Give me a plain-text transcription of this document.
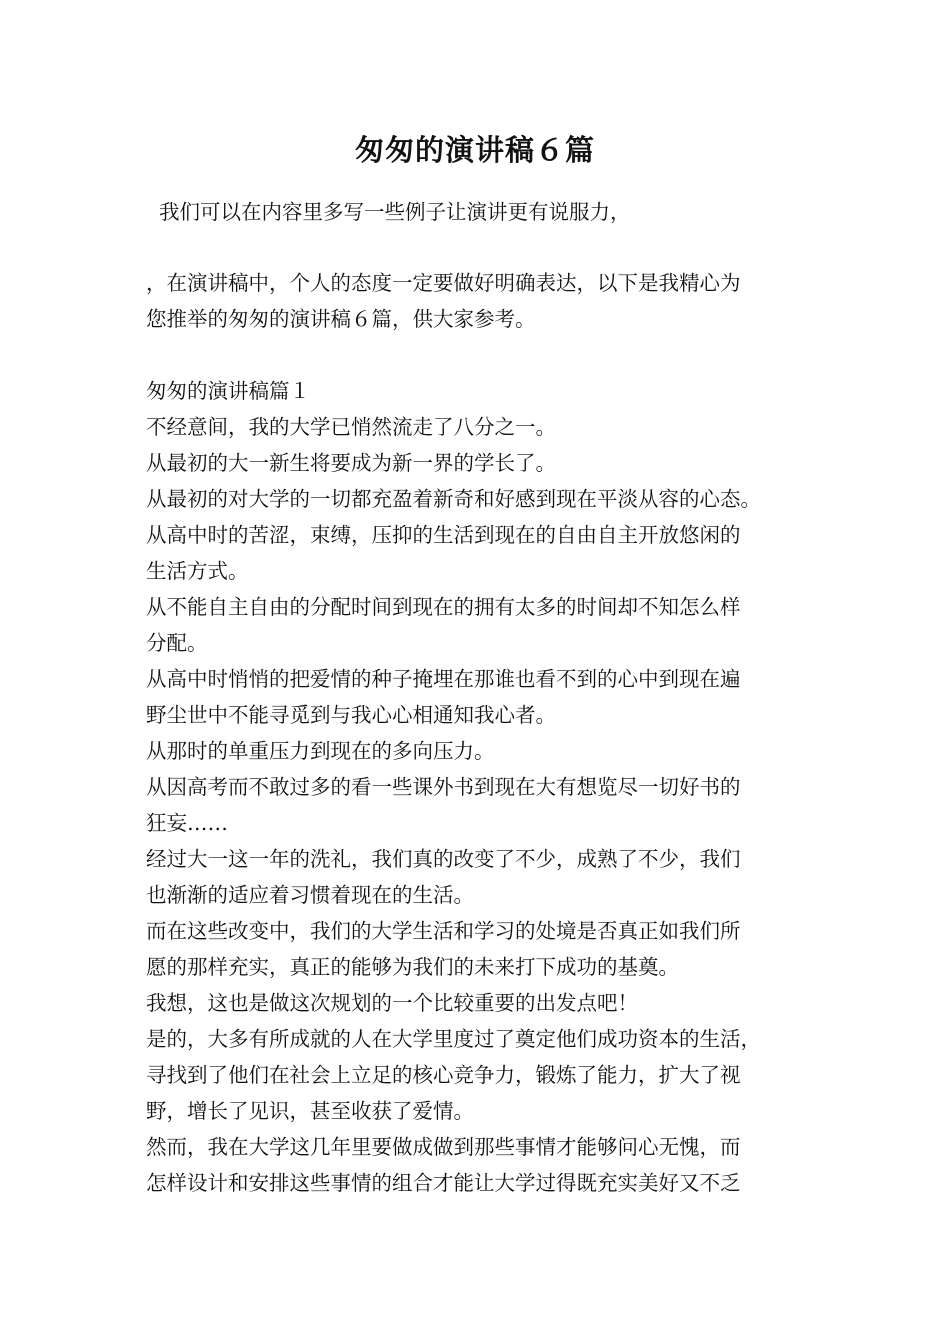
匆匆的演讲稿６篇
我们可以在内容里多写一些例子让演讲更有说服力，
，在演讲稿中，个人的态度一定要做好明确表达，以下是我精心为
您推举的匆匆的演讲稿６篇，供大家参考。
匆匆的演讲稿篇１
不经意间，我的大学已悄然流走了八分之一。
从最初的大一新生将要成为新一界的学长了。
从最初的对大学的一切都充盈着新奇和好感到现在平淡从容的心态。
从高中时的苦涩，束缚，压抑的生活到现在的自由自主开放悠闲的
生活方式。
从不能自主自由的分配时间到现在的拥有太多的时间却不知怎么样
分配。
从高中时悄悄的把爱情的种子掩埋在那谁也看不到的心中到现在遍
野尘世中不能寻觅到与我心心相通知我心者。
从那时的单重压力到现在的多向压力。
从因高考而不敢过多的看一些课外书到现在大有想览尽一切好书的
狂妄……
经过大一这一年的洗礼，我们真的改变了不少，成熟了不少，我们
也渐渐的适应着习惯着现在的生活。
而在这些改变中，我们的大学生活和学习的处境是否真正如我们所
愿的那样充实，真正的能够为我们的未来打下成功的基奠。
我想，这也是做这次规划的一个比较重要的出发点吧！
是的，大多有所成就的人在大学里度过了奠定他们成功资本的生活，
寻找到了他们在社会上立足的核心竞争力，锻炼了能力，扩大了视
野，增长了见识，甚至收获了爱情。
然而，我在大学这几年里要做成做到那些事情才能够问心无愧，而
怎样设计和安排这些事情的组合才能让大学过得既充实美好又不乏
